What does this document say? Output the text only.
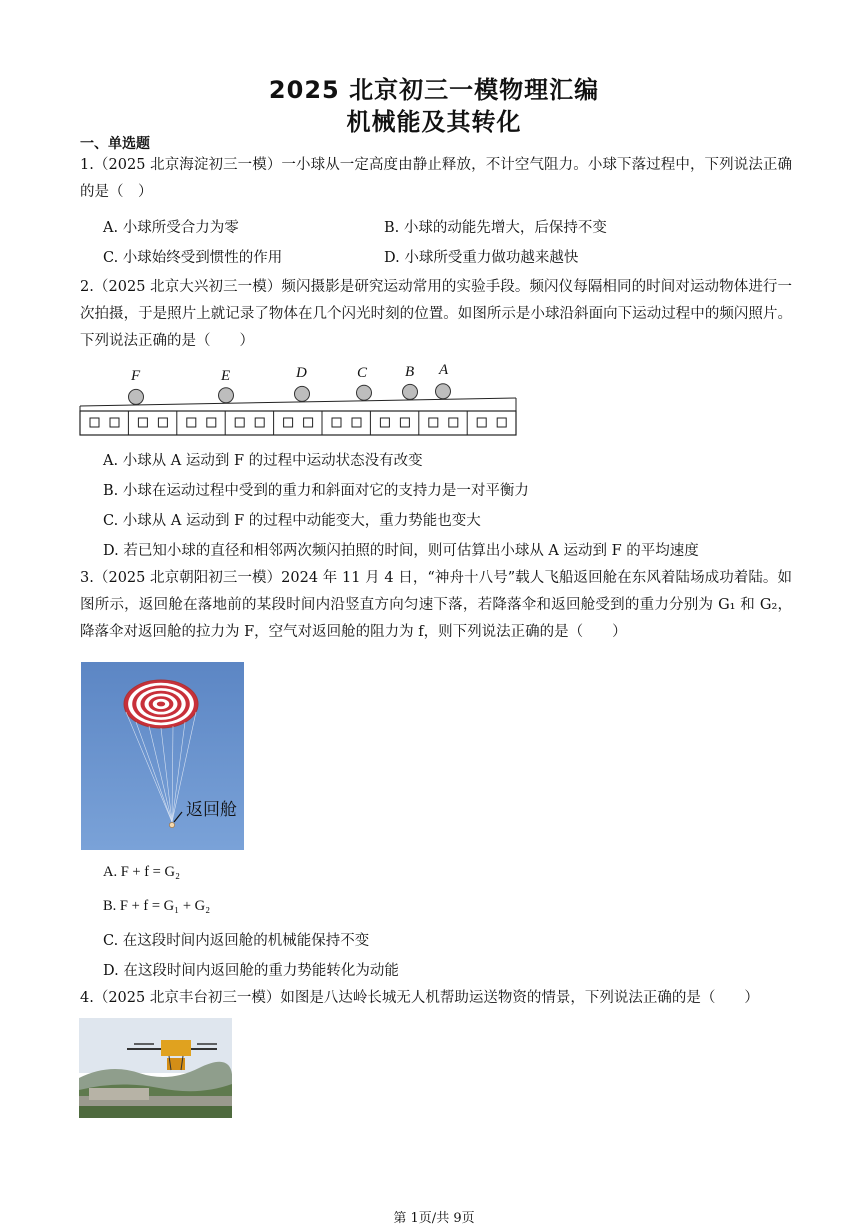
2025 北京初三一模物理汇编
机械能及其转化
一、单选题
1.（2025 北京海淀初三一模）一小球从一定高度由静止释放，不计空气阻力。小球下落过程中，下列说法正确的是（　）
A. 小球所受合力为零	B. 小球的动能先增大，后保持不变
C. 小球始终受到惯性的作用	D. 小球所受重力做功越来越快
2.（2025 北京大兴初三一模）频闪摄影是研究运动常用的实验手段。频闪仪每隔相同的时间对运动物体进行一次拍摄，于是照片上就记录了物体在几个闪光时刻的位置。如图所示是小球沿斜面向下运动过程中的频闪照片。下列说法正确的是（　　）
F	E	D	C	B A
A. 小球从 A 运动到 F 的过程中运动状态没有改变
B. 小球在运动过程中受到的重力和斜面对它的支持力是一对平衡力
C. 小球从 A 运动到 F 的过程中动能变大，重力势能也变大
D. 若已知小球的直径和相邻两次频闪拍照的时间，则可估算出小球从 A 运动到 F 的平均速度
3.（2025 北京朝阳初三一模）2024 年 11 月 4 日，“神舟十八号”载人飞船返回舱在东风着陆场成功着陆。如图所示，返回舱在落地前的某段时间内沿竖直方向匀速下落，若降落伞和返回舱受到的重力分别为 G₁ 和 G₂，降落伞对返回舱的拉力为 F，空气对返回舱的阻力为 f，则下列说法正确的是（　　）
返回舱
A. F + f = G₂
B. F + f = G₁ + G₂
C. 在这段时间内返回舱的机械能保持不变
D. 在这段时间内返回舱的重力势能转化为动能
4.（2025 北京丰台初三一模）如图是八达岭长城无人机帮助运送物资的情景，下列说法正确的是（　　）
第 1页/共 9页
